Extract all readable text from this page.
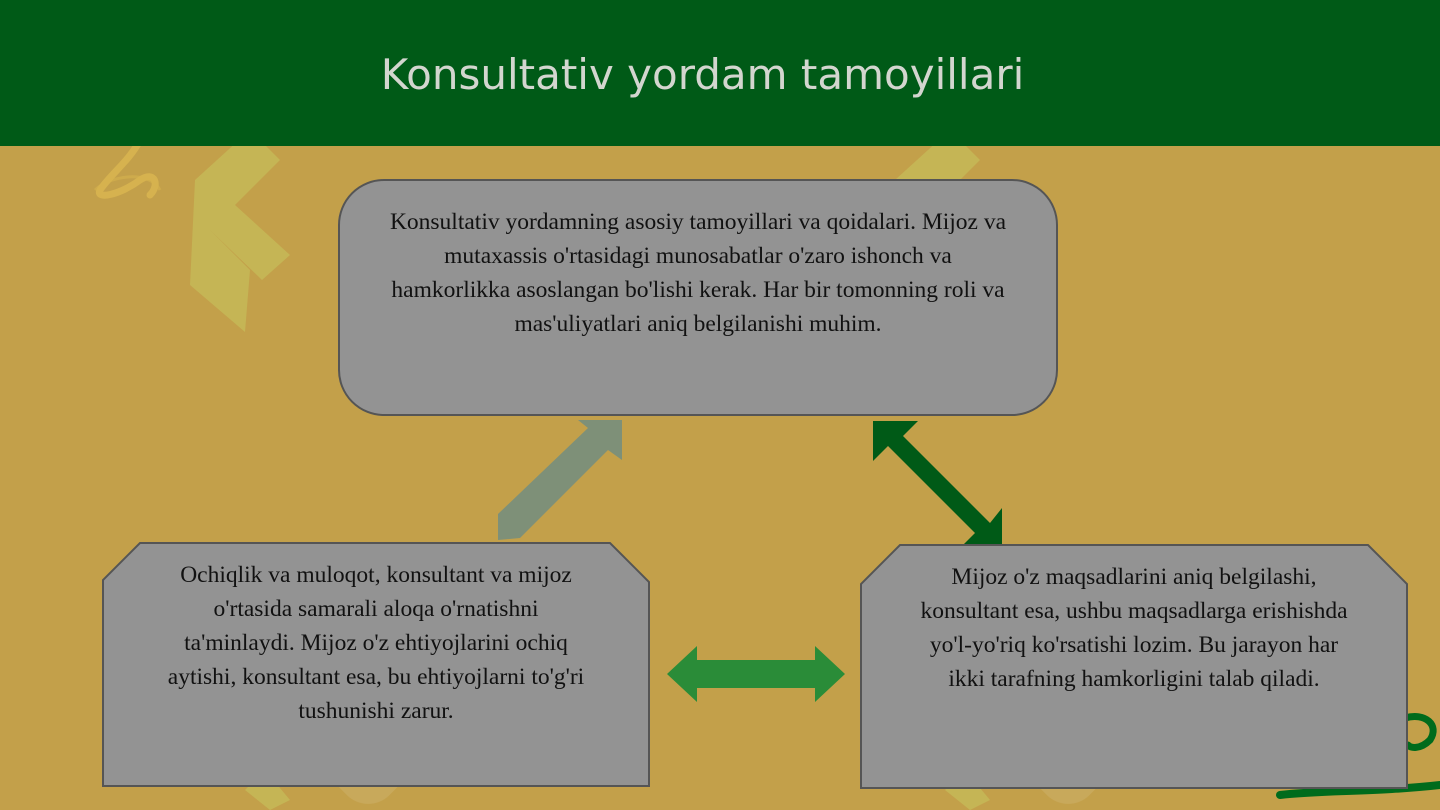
Konsultativ yordam tamoyillari
Konsultativ yordamning asosiy tamoyillari va qoidalari. Mijoz va mutaxassis o'rtasidagi munosabatlar o'zaro ishonch va hamkorlikka asoslangan bo'lishi kerak. Har bir tomonning roli va mas'uliyatlari aniq belgilanishi muhim.
Ochiqlik va muloqot, konsultant va mijoz o'rtasida samarali aloqa o'rnatishni ta'minlaydi. Mijoz o'z ehtiyojlarini ochiq aytishi, konsultant esa, bu ehtiyojlarni to'g'ri tushunishi zarur.
Mijoz o'z maqsadlarini aniq belgilashi, konsultant esa, ushbu maqsadlarga erishishda yo'l-yo'riq ko'rsatishi lozim. Bu jarayon har ikki tarafning hamkorligini talab qiladi.
